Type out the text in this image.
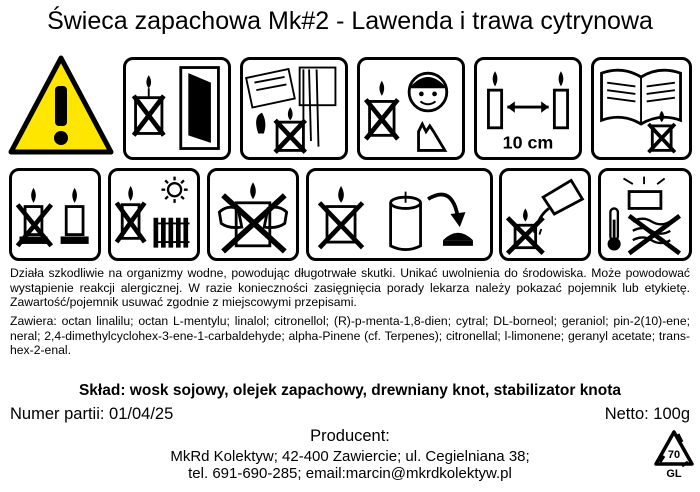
Świeca zapachowa Mk#2 - Lawenda i trawa cytrynowa
10 cm
Działa szkodliwie na organizmy wodne, powodując długotrwałe skutki. Unikać uwolnienia do środowiska. Może powodować wystąpienie reakcji alergicznej. W razie konieczności zasięgnięcia porady lekarza należy pokazać pojemnik lub etykietę. Zawartość/pojemnik usuwać zgodnie z miejscowymi przepisami.
Zawiera: octan linalilu; octan L-mentylu; linalol; citronellol; (R)-p-menta-1,8-dien; cytral; DL-borneol; geraniol; pin-2(10)-ene; neral; 2,4-dimethylcyclohex-3-ene-1-carbaldehyde; alpha-Pinene (cf. Terpenes); citronellal; l-limonene; geranyl acetate; trans-hex-2-enal.
Skład: wosk sojowy, olejek zapachowy, drewniany knot, stabilizator knota
Numer partii: 01/04/25	Netto: 100g
Producent:
MkRd Kolektyw; 42-400 Zawiercie; ul. Cegielniana 38;
tel. 691-690-285; email:marcin@mkrdkolektyw.pl
70
GL
